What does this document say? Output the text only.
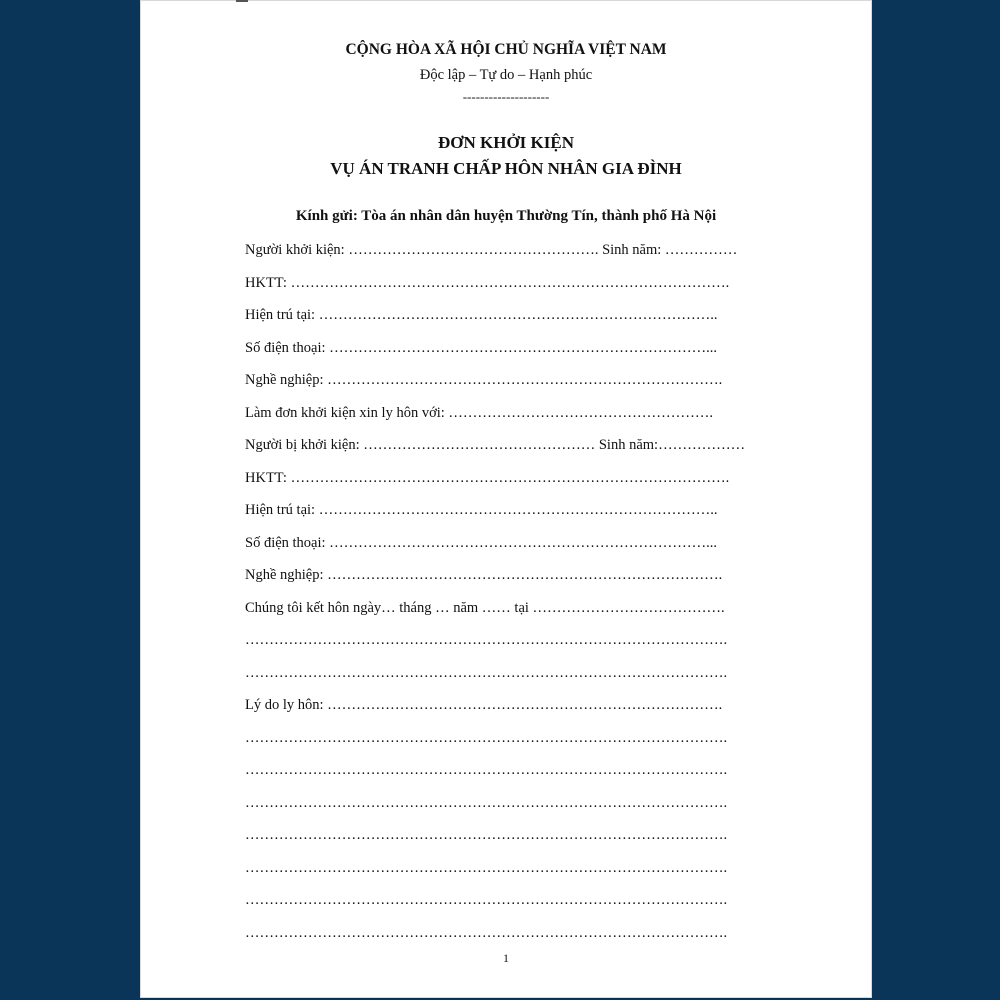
CỘNG HÒA XÃ HỘI CHỦ NGHĨA VIỆT NAM
Độc lập – Tự do – Hạnh phúc
--------------------
ĐƠN KHỞI KIỆN
VỤ ÁN TRANH CHẤP HÔN NHÂN GIA ĐÌNH
Kính gửi: Tòa án nhân dân huyện Thường Tín, thành phố Hà Nội
Người khởi kiện: ……………………………………………. Sinh năm: ……………
HKTT: ……………………………………………………………………………….
Hiện trú tại: ………………………………………………………………………..
Số điện thoại: ……………………………………………………………………...
Nghề nghiệp: ……………………………………………………………………….
Làm đơn khởi kiện xin ly hôn với: ……………………………………………….
Người bị khởi kiện: ………………………………………… Sinh năm:………………
HKTT: ……………………………………………………………………………….
Hiện trú tại: ………………………………………………………………………..
Số điện thoại: ……………………………………………………………………...
Nghề nghiệp: ……………………………………………………………………….
Chúng tôi kết hôn ngày… tháng … năm …… tại ………………………………….
……………………………………………………………………………………….
……………………………………………………………………………………….
Lý do ly hôn: ……………………………………………………………………….
……………………………………………………………………………………….
……………………………………………………………………………………….
……………………………………………………………………………………….
……………………………………………………………………………………….
……………………………………………………………………………………….
……………………………………………………………………………………….
……………………………………………………………………………………….
1
